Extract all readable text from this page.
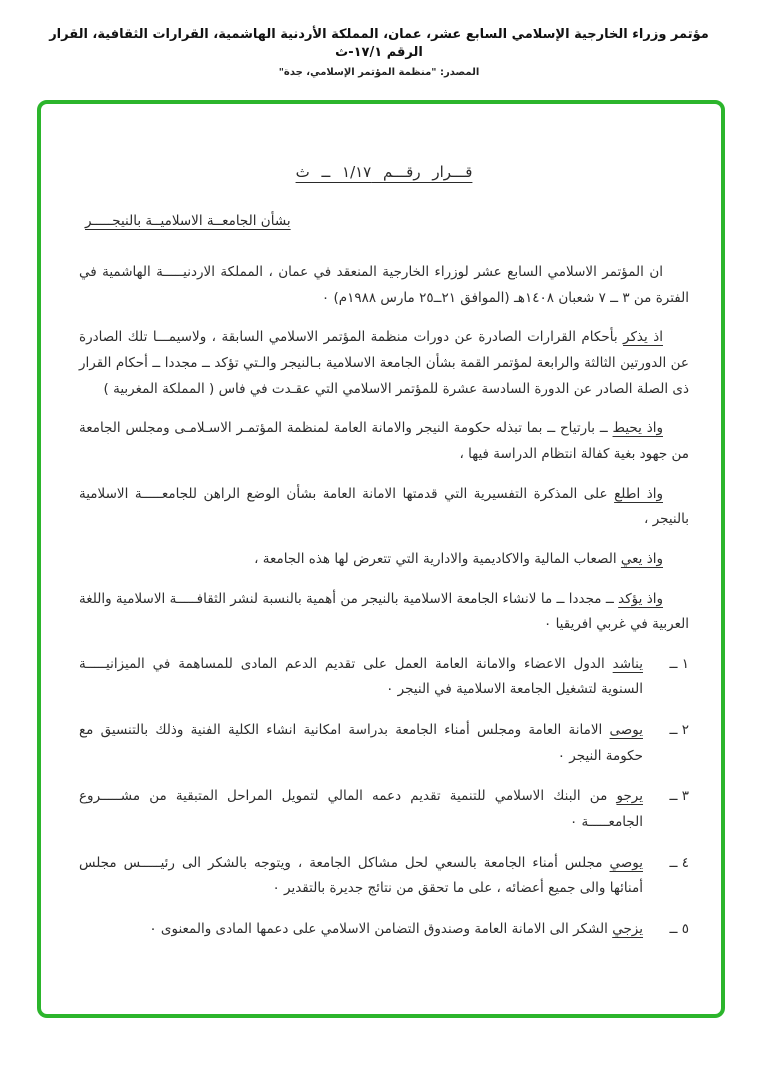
مؤتمر وزراء الخارجية الإسلامي السابع عشر، عمان، المملكة الأردنية الهاشمية، القرارات الثقافية، القرار الرقم ١٧/١-ث
المصدر: "منظمة المؤتمر الإسلامي، جدة"
قـــرار رقـــم ١/١٧ ــ ث
بشأن الجامعــة الاسلاميــة بالنيجـــــر

ان المؤتمر الاسلامي السابع عشر لوزراء الخارجية المنعقد في عمان ، المملكة الاردنيـــــة الهاشمية في الفترة من ٣ ــ ٧ شعبان ١٤٠٨هـ (الموافق ٢١ــ٢٥ مارس ١٩٨٨م) ٠

اذ يذكر بأحكام القرارات الصادرة عن دورات منظمة المؤتمر الاسلامي السابقة ، ولاسيمـــا تلك الصادرة عن الدورتين الثالثة والرابعة لمؤتمر القمة بشأن الجامعة الاسلامية بـالنيجر والـتي تؤكد ــ مجددا ــ أحكام القرار ذى الصلة الصادر عن الدورة السادسة عشرة للمؤتمر الاسلامي التي عقـدت في فاس ( المملكة المغربية )

واذ يحيط ــ بارتياح ــ بما تبذله حكومة النيجر والامانة العامة لمنظمة المؤتمـر الاسـلامـى ومجلس الجامعة من جهود بغية كفالة انتظام الدراسة فيها ،

واذ اطلع على المذكرة التفسيرية التي قدمتها الامانة العامة بشأن الوضع الراهن للجامعـــــة الاسلامية بالنيجر ،

واذ يعي الصعاب المالية والاكاديمية والادارية التي تتعرض لها هذه الجامعة ،

واذ يؤكد ــ مجددا ــ ما لانشاء الجامعة الاسلامية بالنيجر من أهمية بالنسبة لنشر الثقافـــــة الاسلامية واللغة العربية في غربي افريقيا ٠

١ ــ

يناشد الدول الاعضاء والامانة العامة العمل على تقديم الدعم المادى للمساهمة في الميزانيـــــة السنوية لتشغيل الجامعة الاسلامية في النيجر ٠

٢ ــ

يوصى الامانة العامة ومجلس أمناء الجامعة بدراسة امكانية انشاء الكلية الفنية وذلك بالتنسيق مع حكومة النيجر ٠

٣ ــ

يرجو من البنك الاسلامي للتنمية تقديم دعمه المالي لتمويل المراحل المتبقية من مشـــــروع الجامعـــــة ٠

٤ ــ

يوصي مجلس أمناء الجامعة بالسعي لحل مشاكل الجامعة ، ويتوجه بالشكر الى رئيـــــس مجلس أمنائها والى جميع أعضائه ، على ما تحقق من نتائج جديرة بالتقدير ٠

٥ ــ

يزجي الشكر الى الامانة العامة وصندوق التضامن الاسلامي على دعمها المادى والمعنوى ٠
